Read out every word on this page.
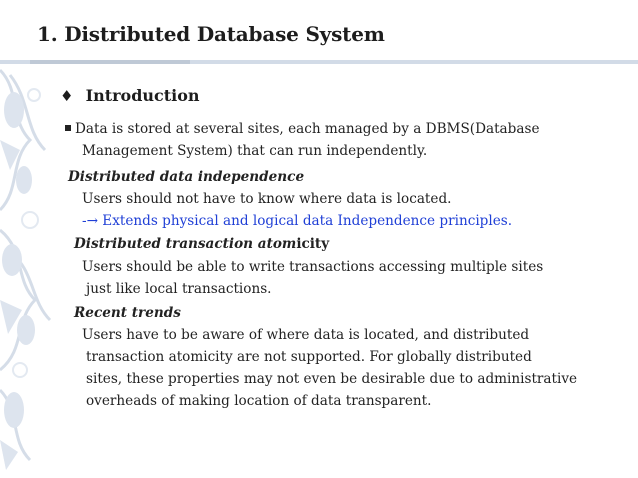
1. Distributed Database System
♦ Introduction
Data is stored at several sites, each managed by a DBMS(Database
Management System) that can run independently.
Distributed data independence
Users should not have to know where data is located.
-→ Extends physical and logical data Independence principles.
Distributed transaction atomicity
Users should be able to write transactions accessing multiple sites
just like local transactions.
Recent trends
Users have to be aware of where data is located, and distributed
transaction atomicity are not supported. For globally distributed
sites, these properties may not even be desirable due to administrative
overheads of making location of data transparent.
